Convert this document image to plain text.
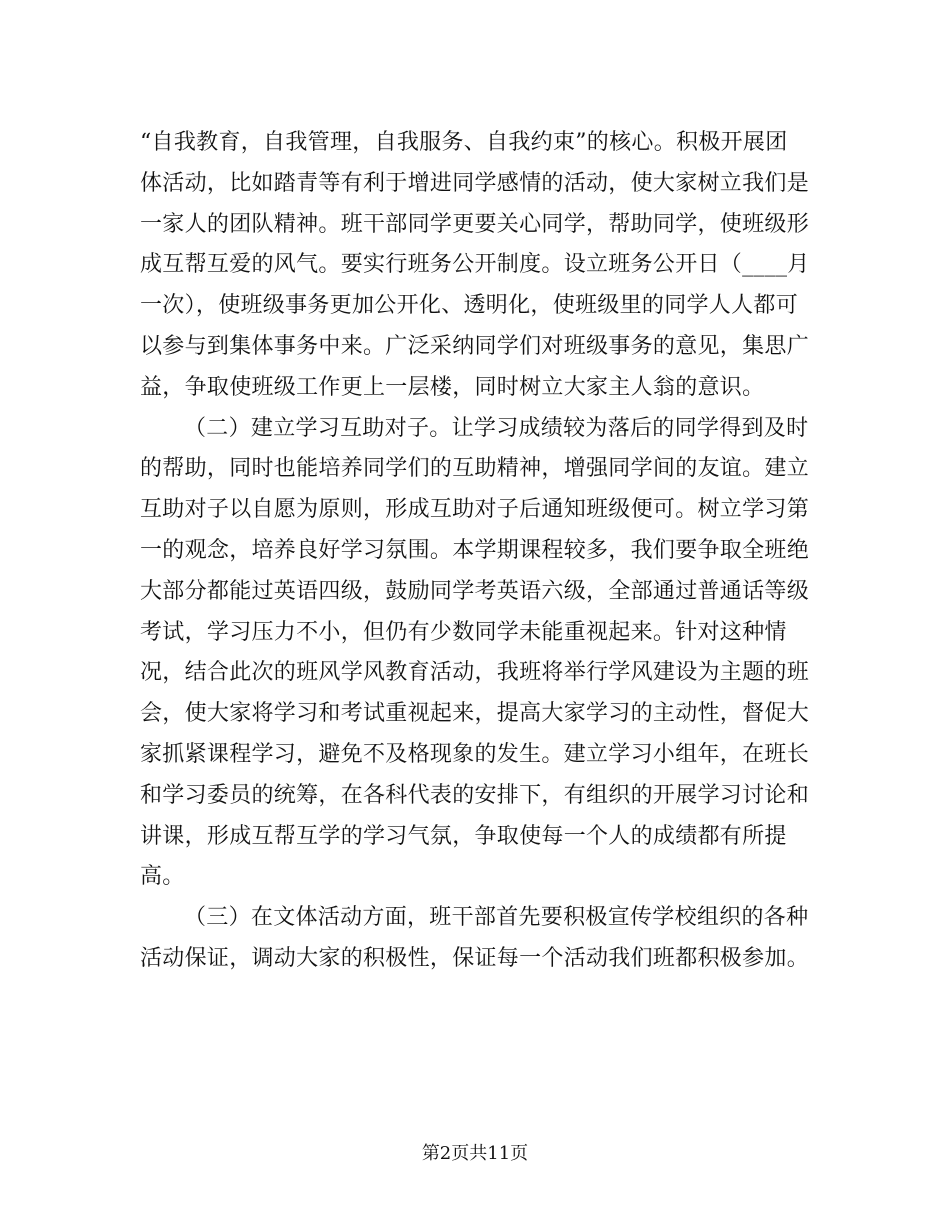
“自我教育，自我管理，自我服务、自我约束”的核心。积极开展团
体活动，比如踏青等有利于增进同学感情的活动，使大家树立我们是
一家人的团队精神。班干部同学更要关心同学，帮助同学，使班级形
成互帮互爱的风气。要实行班务公开制度。设立班务公开日（____月
一次），使班级事务更加公开化、透明化，使班级里的同学人人都可
以参与到集体事务中来。广泛采纳同学们对班级事务的意见，集思广
益，争取使班级工作更上一层楼，同时树立大家主人翁的意识。
（二）建立学习互助对子。让学习成绩较为落后的同学得到及时
的帮助，同时也能培养同学们的互助精神，增强同学间的友谊。建立
互助对子以自愿为原则，形成互助对子后通知班级便可。树立学习第
一的观念，培养良好学习氛围。本学期课程较多，我们要争取全班绝
大部分都能过英语四级，鼓励同学考英语六级，全部通过普通话等级
考试，学习压力不小，但仍有少数同学未能重视起来。针对这种情
况，结合此次的班风学风教育活动，我班将举行学风建设为主题的班
会，使大家将学习和考试重视起来，提高大家学习的主动性，督促大
家抓紧课程学习，避免不及格现象的发生。建立学习小组年，在班长
和学习委员的统筹，在各科代表的安排下，有组织的开展学习讨论和
讲课，形成互帮互学的学习气氛，争取使每一个人的成绩都有所提
高。
（三）在文体活动方面，班干部首先要积极宣传学校组织的各种
活动保证，调动大家的积极性，保证每一个活动我们班都积极参加。
第2页共11页
